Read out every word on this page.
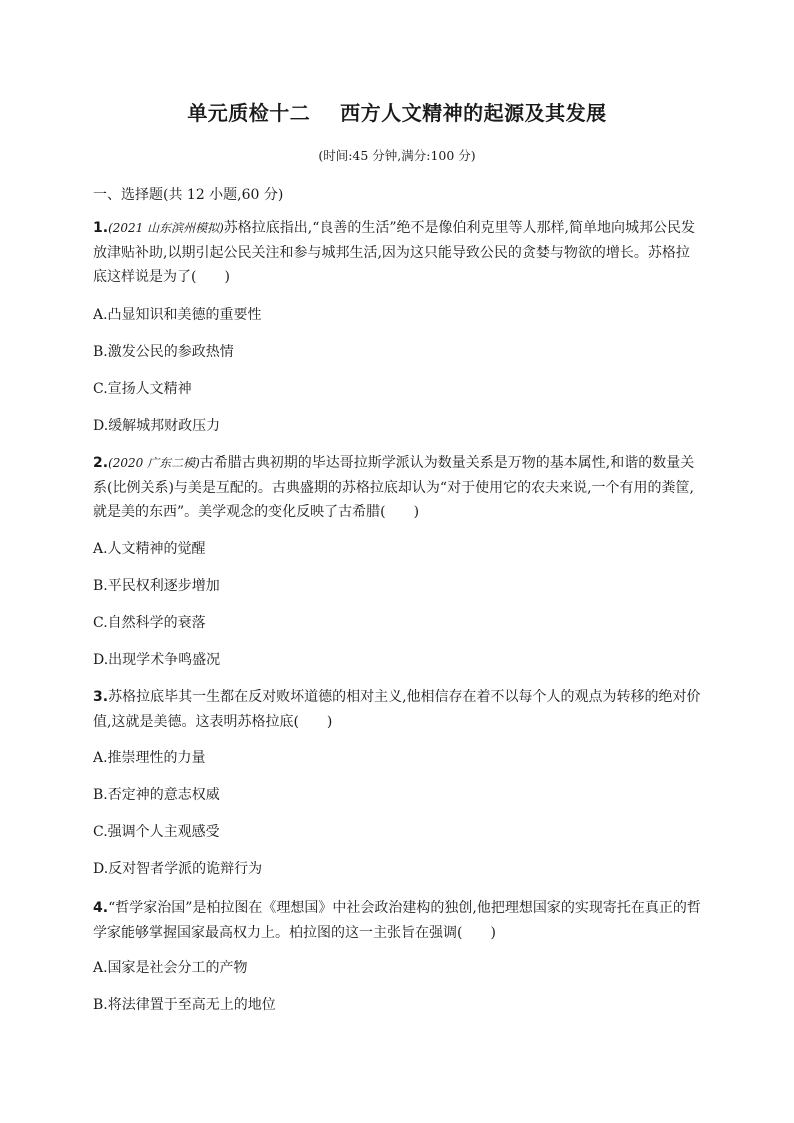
单元质检十二    西方人文精神的起源及其发展
(时间:45 分钟,满分:100 分)
一、选择题(共 12 小题,60 分)
1.(2021 山东滨州模拟)苏格拉底指出,“良善的生活”绝不是像伯利克里等人那样,简单地向城邦公民发放津贴补助,以期引起公民关注和参与城邦生活,因为这只能导致公民的贪婪与物欲的增长。苏格拉底这样说是为了(　　)
A.凸显知识和美德的重要性
B.激发公民的参政热情
C.宣扬人文精神
D.缓解城邦财政压力
2.(2020 广东二模)古希腊古典初期的毕达哥拉斯学派认为数量关系是万物的基本属性,和谐的数量关系(比例关系)与美是互配的。古典盛期的苏格拉底却认为“对于使用它的农夫来说,一个有用的粪筐,就是美的东西”。美学观念的变化反映了古希腊(　　)
A.人文精神的觉醒
B.平民权利逐步增加
C.自然科学的衰落
D.出现学术争鸣盛况
3.苏格拉底毕其一生都在反对败坏道德的相对主义,他相信存在着不以每个人的观点为转移的绝对价值,这就是美德。这表明苏格拉底(　　)
A.推崇理性的力量
B.否定神的意志权威
C.强调个人主观感受
D.反对智者学派的诡辩行为
4.“哲学家治国”是柏拉图在《理想国》中社会政治建构的独创,他把理想国家的实现寄托在真正的哲学家能够掌握国家最高权力上。柏拉图的这一主张旨在强调(　　)
A.国家是社会分工的产物
B.将法律置于至高无上的地位
